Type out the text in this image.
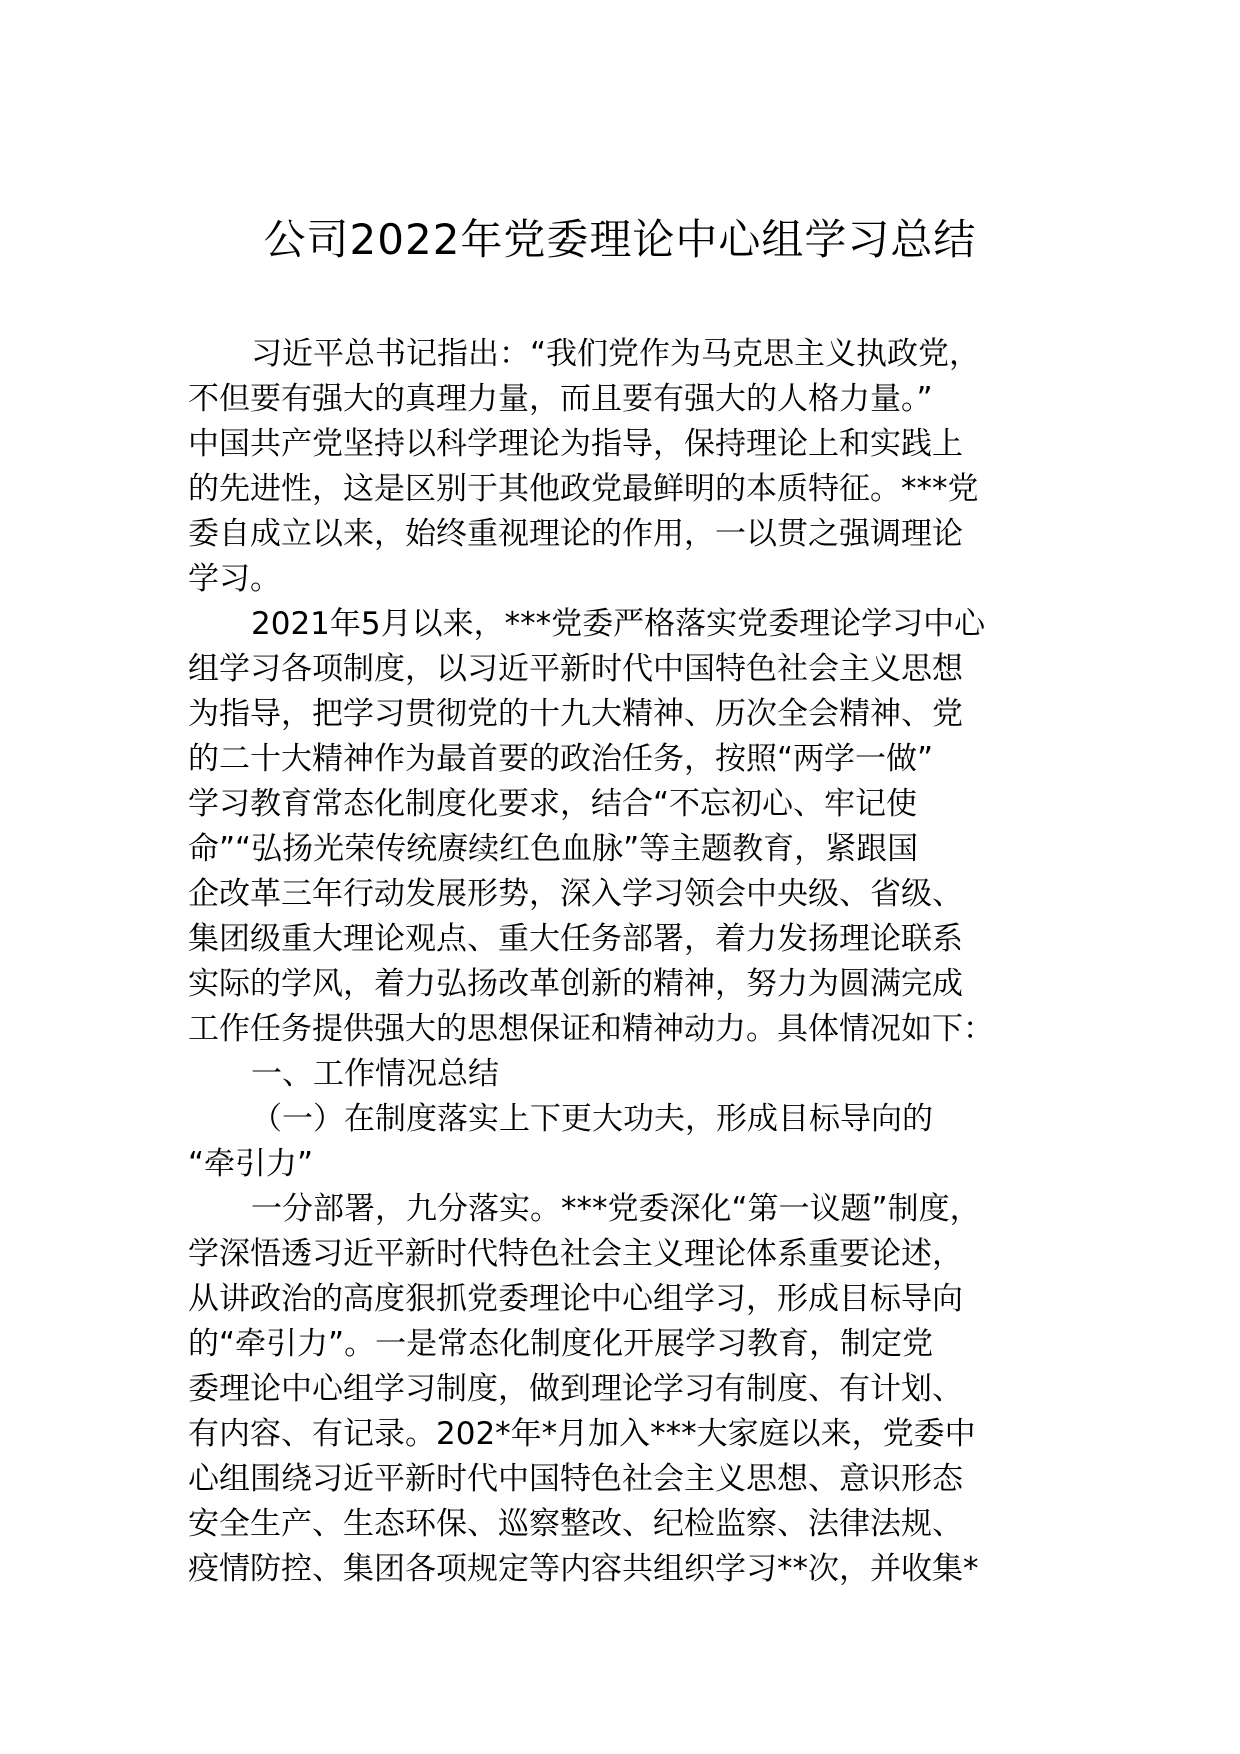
公司2022年党委理论中心组学习总结
习近平总书记指出：“我们党作为马克思主义执政党，
不但要有强大的真理力量，而且要有强大的人格力量。”
中国共产党坚持以科学理论为指导，保持理论上和实践上
的先进性，这是区别于其他政党最鲜明的本质特征。***党
委自成立以来，始终重视理论的作用，一以贯之强调理论
学习。
2021年5月以来，***党委严格落实党委理论学习中心
组学习各项制度，以习近平新时代中国特色社会主义思想
为指导，把学习贯彻党的十九大精神、历次全会精神、党
的二十大精神作为最首要的政治任务，按照“两学一做”
学习教育常态化制度化要求，结合“不忘初心、牢记使
命”“弘扬光荣传统赓续红色血脉”等主题教育，紧跟国
企改革三年行动发展形势，深入学习领会中央级、省级、
集团级重大理论观点、重大任务部署，着力发扬理论联系
实际的学风，着力弘扬改革创新的精神，努力为圆满完成
工作任务提供强大的思想保证和精神动力。具体情况如下：
一、工作情况总结
（一）在制度落实上下更大功夫，形成目标导向的
“牵引力”
一分部署，九分落实。***党委深化“第一议题”制度，
学深悟透习近平新时代特色社会主义理论体系重要论述，
从讲政治的高度狠抓党委理论中心组学习，形成目标导向
的“牵引力”。一是常态化制度化开展学习教育，制定党
委理论中心组学习制度，做到理论学习有制度、有计划、
有内容、有记录。202*年*月加入***大家庭以来，党委中
心组围绕习近平新时代中国特色社会主义思想、意识形态
安全生产、生态环保、巡察整改、纪检监察、法律法规、
疫情防控、集团各项规定等内容共组织学习**次，并收集*
